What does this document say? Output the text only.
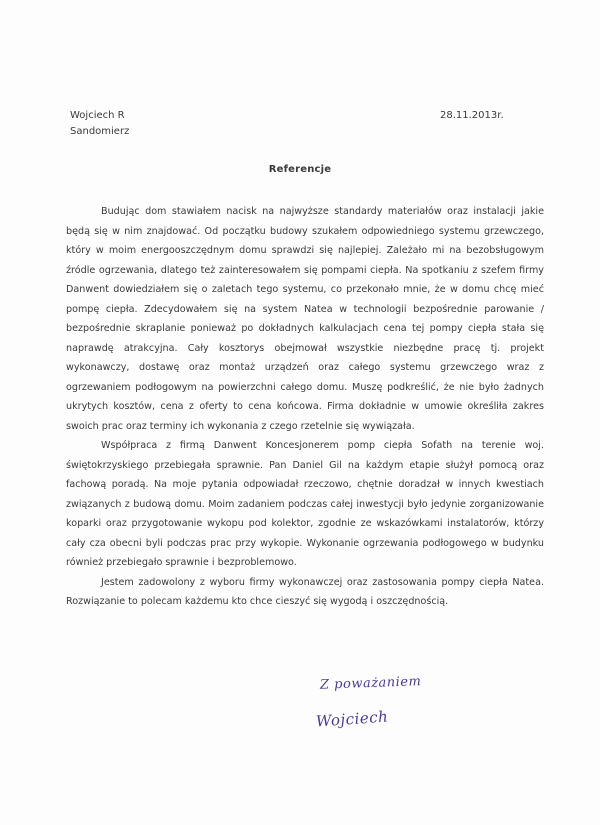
Wojciech R
Sandomierz
28.11.2013r.
Referencje

Budując dom stawiałem nacisk na najwyższe standardy materiałów oraz instalacji jakie będą się w nim znajdować. Od początku budowy szukałem odpowiedniego systemu grzewczego, który w moim energooszczędnym domu sprawdzi się najlepiej. Zależało mi na bezobsługowym źródle ogrzewania, dlatego też zainteresowałem się pompami ciepła. Na spotkaniu z szefem firmy Danwent dowiedziałem się o zaletach tego systemu, co przekonało mnie, że w domu chcę mieć pompę ciepła. Zdecydowałem się na system Natea w technologii bezpośrednie parowanie / bezpośrednie skraplanie ponieważ po dokładnych kalkulacjach cena tej pompy ciepła stała się naprawdę atrakcyjna. Cały kosztorys obejmował wszystkie niezbędne pracę tj. projekt wykonawczy, dostawę oraz montaż urządzeń oraz całego systemu grzewczego wraz z ogrzewaniem podłogowym na powierzchni całego domu. Muszę podkreślić, że nie było żadnych ukrytych kosztów, cena z oferty to cena końcowa. Firma dokładnie w umowie określiła zakres swoich prac oraz terminy ich wykonania z czego rzetelnie się wywiązała.

Współpraca z firmą Danwent Koncesjonerem pomp ciepła Sofath na terenie woj. świętokrzyskiego przebiegała sprawnie. Pan Daniel Gil na każdym etapie służył pomocą oraz fachową poradą. Na moje pytania odpowiadał rzeczowo, chętnie doradzał w innych kwestiach związanych z budową domu. Moim zadaniem podczas całej inwestycji było jedynie zorganizowanie koparki oraz przygotowanie wykopu pod kolektor, zgodnie ze wskazówkami instalatorów, którzy cały cza obecni byli podczas prac przy wykopie. Wykonanie ogrzewania podłogowego w budynku również przebiegało sprawnie i bezproblemowo.

Jestem zadowolony z wyboru firmy wykonawczej oraz zastosowania pompy ciepła Natea. Rozwiązanie to polecam każdemu kto chce cieszyć się wygodą i oszczędnością.

Z poważaniem
Wojciech
